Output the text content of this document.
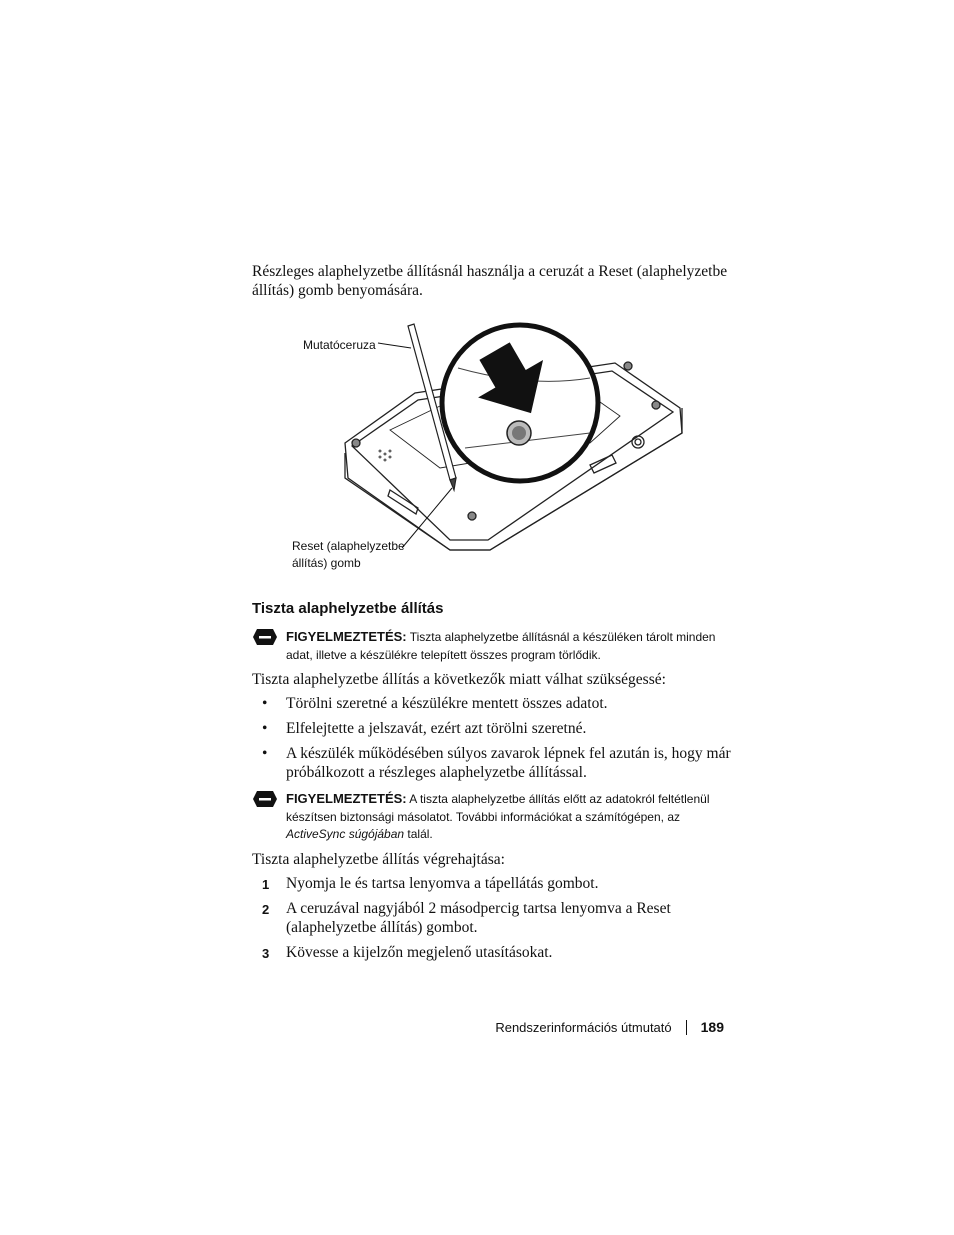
Részleges alaphelyzetbe állításnál használja a ceruzát a Reset (alaphelyzetbe állítás) gomb benyomására.

Mutatóceruza
Reset (alaphelyzetbe
állítás) gomb
Tiszta alaphelyzetbe állítás
FIGYELMEZTETÉS: Tiszta alaphelyzetbe állításnál a készüléken tárolt minden
adat, illetve a készülékre telepített összes program törlődik.

Tiszta alaphelyzetbe állítás a következők miatt válhat szükségessé:

• Törölni szeretné a készülékre mentett összes adatot.
• Elfelejtette a jelszavát, ezért azt törölni szeretné.
• A készülék működésében súlyos zavarok lépnek fel azután is, hogy már próbálkozott a részleges alaphelyzetbe állítással.
FIGYELMEZTETÉS: A tiszta alaphelyzetbe állítás előtt az adatokról feltétlenül
készítsen biztonsági másolatot. További információkat a számítógépen, az
ActiveSync súgójában talál.

Tiszta alaphelyzetbe állítás végrehajtása:

1 Nyomja le és tartsa lenyomva a tápellátás gombot.
2 A ceruzával nagyjából 2 másodpercig tartsa lenyomva a Reset (alaphelyzetbe állítás) gombot.
3 Kövesse a kijelzőn megjelenő utasításokat.
Rendszerinformációs útmutató 189
